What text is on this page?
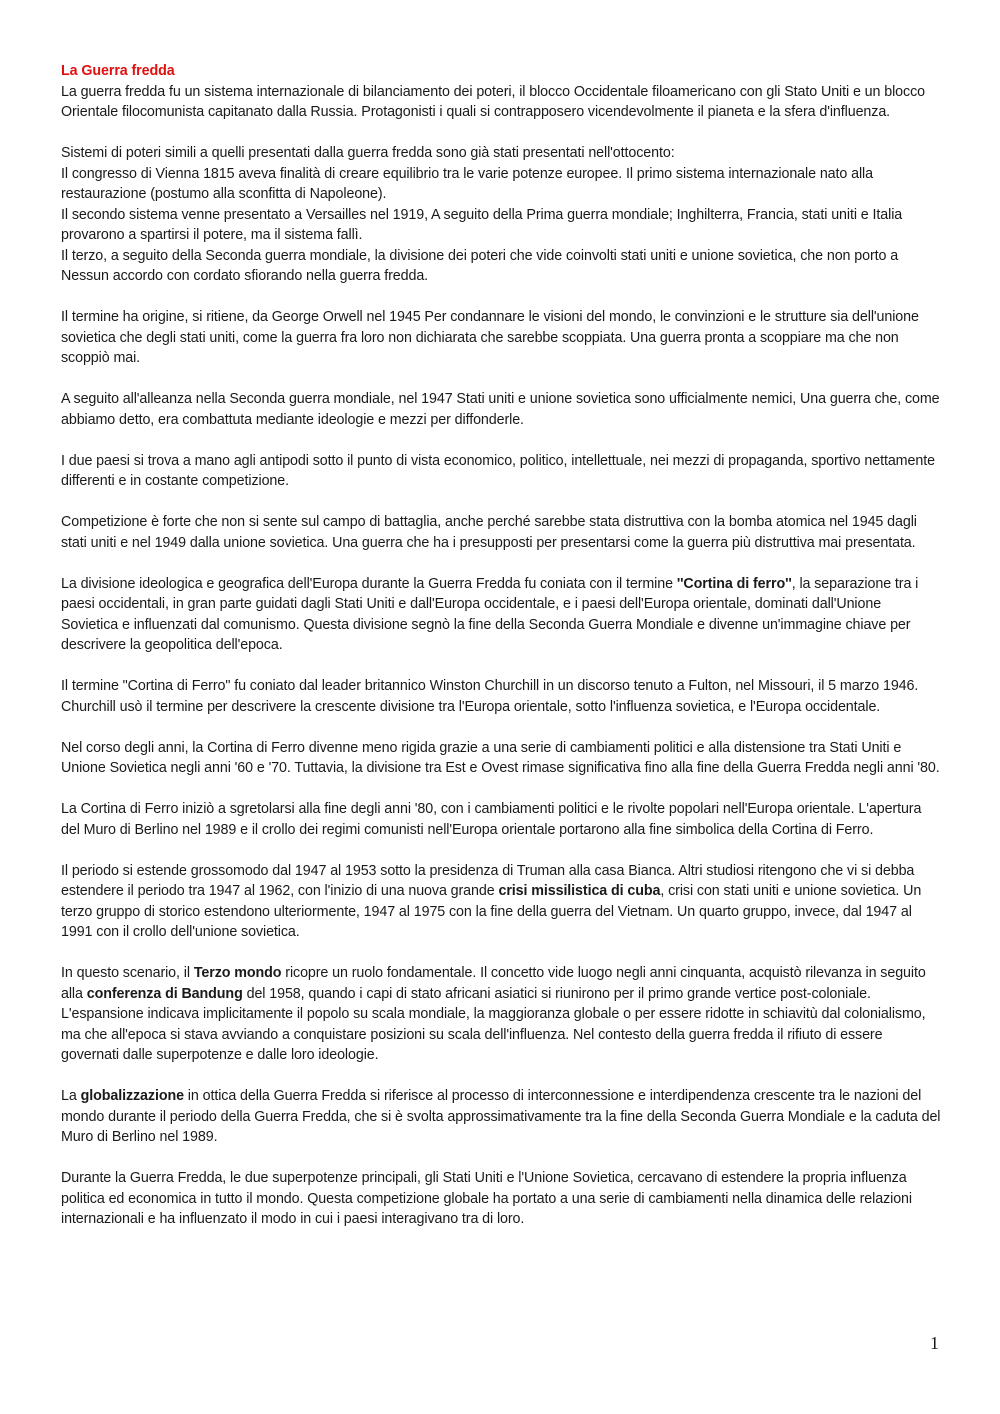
La Guerra fredda

La guerra fredda fu un sistema internazionale di bilanciamento dei poteri, il blocco Occidentale filoamericano con gli Stato Uniti e un blocco Orientale filocomunista capitanato dalla Russia. Protagonisti i quali si contrapposero vicendevolmente il pianeta e la sfera d'influenza.

Sistemi di poteri simili a quelli presentati dalla guerra fredda sono già stati presentati nell'ottocento:
Il congresso di Vienna 1815 aveva finalità di creare equilibrio tra le varie potenze europee. Il primo sistema internazionale nato alla restaurazione (postumo alla sconfitta di Napoleone).
Il secondo sistema venne presentato a Versailles nel 1919, A seguito della Prima guerra mondiale; Inghilterra, Francia, stati uniti e Italia provarono a spartirsi il potere, ma il sistema fallì.
Il terzo, a seguito della Seconda guerra mondiale, la divisione dei poteri che vide coinvolti stati uniti e unione sovietica, che non porto a Nessun accordo con cordato sfiorando nella guerra fredda.

Il termine ha origine, si ritiene, da George Orwell nel 1945 Per condannare le visioni del mondo, le convinzioni e le strutture sia dell'unione sovietica che degli stati uniti, come la guerra fra loro non dichiarata che sarebbe scoppiata. Una guerra pronta a scoppiare ma che non scoppiò mai.

A seguito all'alleanza nella Seconda guerra mondiale, nel 1947 Stati uniti e unione sovietica sono ufficialmente nemici, Una guerra che, come abbiamo detto, era combattuta mediante ideologie e mezzi per diffonderle.

I due paesi si trova a mano agli antipodi sotto il punto di vista economico, politico, intellettuale, nei mezzi di propaganda, sportivo nettamente differenti e in costante competizione.

Competizione è forte che non si sente sul campo di battaglia, anche perché sarebbe stata distruttiva con la bomba atomica nel 1945 dagli stati uniti e nel 1949 dalla unione sovietica. Una guerra che ha i presupposti per presentarsi come la guerra più distruttiva mai presentata.

La divisione ideologica e geografica dell'Europa durante la Guerra Fredda fu coniata con il termine ''Cortina di ferro'', la separazione tra i paesi occidentali, in gran parte guidati dagli Stati Uniti e dall'Europa occidentale, e i paesi dell'Europa orientale, dominati dall'Unione Sovietica e influenzati dal comunismo. Questa divisione segnò la fine della Seconda Guerra Mondiale e divenne un'immagine chiave per descrivere la geopolitica dell'epoca.

Il termine "Cortina di Ferro" fu coniato dal leader britannico Winston Churchill in un discorso tenuto a Fulton, nel Missouri, il 5 marzo 1946. Churchill usò il termine per descrivere la crescente divisione tra l'Europa orientale, sotto l'influenza sovietica, e l'Europa occidentale.

Nel corso degli anni, la Cortina di Ferro divenne meno rigida grazie a una serie di cambiamenti politici e alla distensione tra Stati Uniti e Unione Sovietica negli anni '60 e '70. Tuttavia, la divisione tra Est e Ovest rimase significativa fino alla fine della Guerra Fredda negli anni '80.

La Cortina di Ferro iniziò a sgretolarsi alla fine degli anni '80, con i cambiamenti politici e le rivolte popolari nell'Europa orientale. L'apertura del Muro di Berlino nel 1989 e il crollo dei regimi comunisti nell'Europa orientale portarono alla fine simbolica della Cortina di Ferro.

Il periodo si estende grossomodo dal 1947 al 1953 sotto la presidenza di Truman alla casa Bianca. Altri studiosi ritengono che vi si debba estendere il periodo tra 1947 al 1962, con l'inizio di una nuova grande crisi missilistica di cuba, crisi con stati uniti e unione sovietica. Un terzo gruppo di storico estendono ulteriormente, 1947 al 1975 con la fine della guerra del Vietnam. Un quarto gruppo, invece, dal 1947 al 1991 con il crollo dell'unione sovietica.

In questo scenario, il Terzo mondo ricopre un ruolo fondamentale. Il concetto vide luogo negli anni cinquanta, acquistò rilevanza in seguito alla conferenza di Bandung del 1958, quando i capi di stato africani asiatici si riunirono per il primo grande vertice post-coloniale. L'espansione indicava implicitamente il popolo su scala mondiale, la maggioranza globale o per essere ridotte in schiavitù dal colonialismo, ma che all'epoca si stava avviando a conquistare posizioni su scala dell'influenza. Nel contesto della guerra fredda il rifiuto di essere governati dalle superpotenze e dalle loro ideologie.

La globalizzazione in ottica della Guerra Fredda si riferisce al processo di interconnessione e interdipendenza crescente tra le nazioni del mondo durante il periodo della Guerra Fredda, che si è svolta approssimativamente tra la fine della Seconda Guerra Mondiale e la caduta del Muro di Berlino nel 1989.

Durante la Guerra Fredda, le due superpotenze principali, gli Stati Uniti e l'Unione Sovietica, cercavano di estendere la propria influenza politica ed economica in tutto il mondo. Questa competizione globale ha portato a una serie di cambiamenti nella dinamica delle relazioni internazionali e ha influenzato il modo in cui i paesi interagivano tra di loro.

1
